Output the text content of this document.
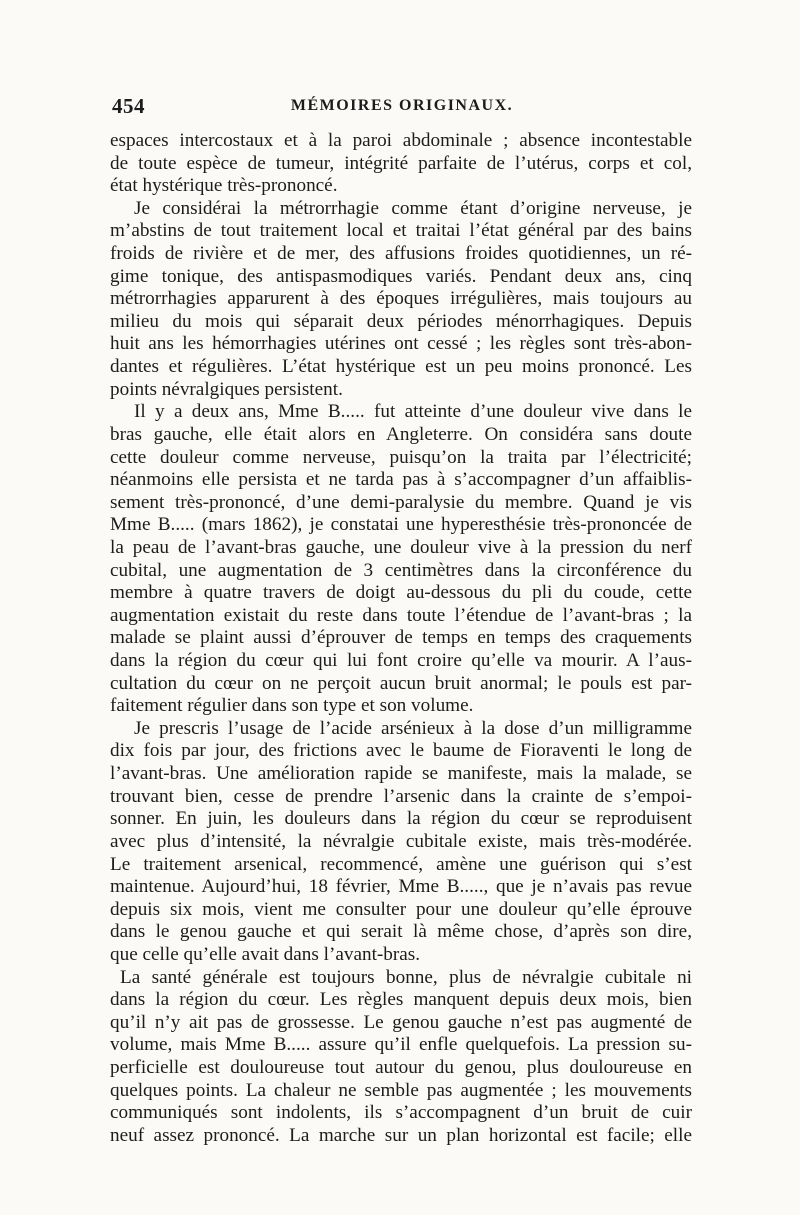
454	MÉMOIRES ORIGINAUX.
espaces intercostaux et à la paroi abdominale ; absence incontestable
de toute espèce de tumeur, intégrité parfaite de l’utérus, corps et col,
état hystérique très-prononcé.
Je considérai la métrorrhagie comme étant d’origine nerveuse, je
m’abstins de tout traitement local et traitai l’état général par des bains
froids de rivière et de mer, des affusions froides quotidiennes, un ré-
gime tonique, des antispasmodiques variés. Pendant deux ans, cinq
métrorrhagies apparurent à des époques irrégulières, mais toujours au
milieu du mois qui séparait deux périodes ménorrhagiques. Depuis
huit ans les hémorrhagies utérines ont cessé ; les règles sont très-abon-
dantes et régulières. L’état hystérique est un peu moins prononcé. Les
points névralgiques persistent.
Il y a deux ans, Mme B..... fut atteinte d’une douleur vive dans le
bras gauche, elle était alors en Angleterre. On considéra sans doute
cette douleur comme nerveuse, puisqu’on la traita par l’électricité;
néanmoins elle persista et ne tarda pas à s’accompagner d’un affaiblis-
sement très-prononcé, d’une demi-paralysie du membre. Quand je vis
Mme B..... (mars 1862), je constatai une hyperesthésie très-prononcée de
la peau de l’avant-bras gauche, une douleur vive à la pression du nerf
cubital, une augmentation de 3 centimètres dans la circonférence du
membre à quatre travers de doigt au-dessous du pli du coude, cette
augmentation existait du reste dans toute l’étendue de l’avant-bras ; la
malade se plaint aussi d’éprouver de temps en temps des craquements
dans la région du cœur qui lui font croire qu’elle va mourir. A l’aus-
cultation du cœur on ne perçoit aucun bruit anormal; le pouls est par-
faitement régulier dans son type et son volume.
Je prescris l’usage de l’acide arsénieux à la dose d’un milligramme
dix fois par jour, des frictions avec le baume de Fioraventi le long de
l’avant-bras. Une amélioration rapide se manifeste, mais la malade, se
trouvant bien, cesse de prendre l’arsenic dans la crainte de s’empoi-
sonner. En juin, les douleurs dans la région du cœur se reproduisent
avec plus d’intensité, la névralgie cubitale existe, mais très-modérée.
Le traitement arsenical, recommencé, amène une guérison qui s’est
maintenue. Aujourd’hui, 18 février, Mme B....., que je n’avais pas revue
depuis six mois, vient me consulter pour une douleur qu’elle éprouve
dans le genou gauche et qui serait là même chose, d’après son dire,
que celle qu’elle avait dans l’avant-bras.
La santé générale est toujours bonne, plus de névralgie cubitale ni
dans la région du cœur. Les règles manquent depuis deux mois, bien
qu’il n’y ait pas de grossesse. Le genou gauche n’est pas augmenté de
volume, mais Mme B..... assure qu’il enfle quelquefois. La pression su-
perficielle est douloureuse tout autour du genou, plus douloureuse en
quelques points. La chaleur ne semble pas augmentée ; les mouvements
communiqués sont indolents, ils s’accompagnent d’un bruit de cuir
neuf assez prononcé. La marche sur un plan horizontal est facile; elle
